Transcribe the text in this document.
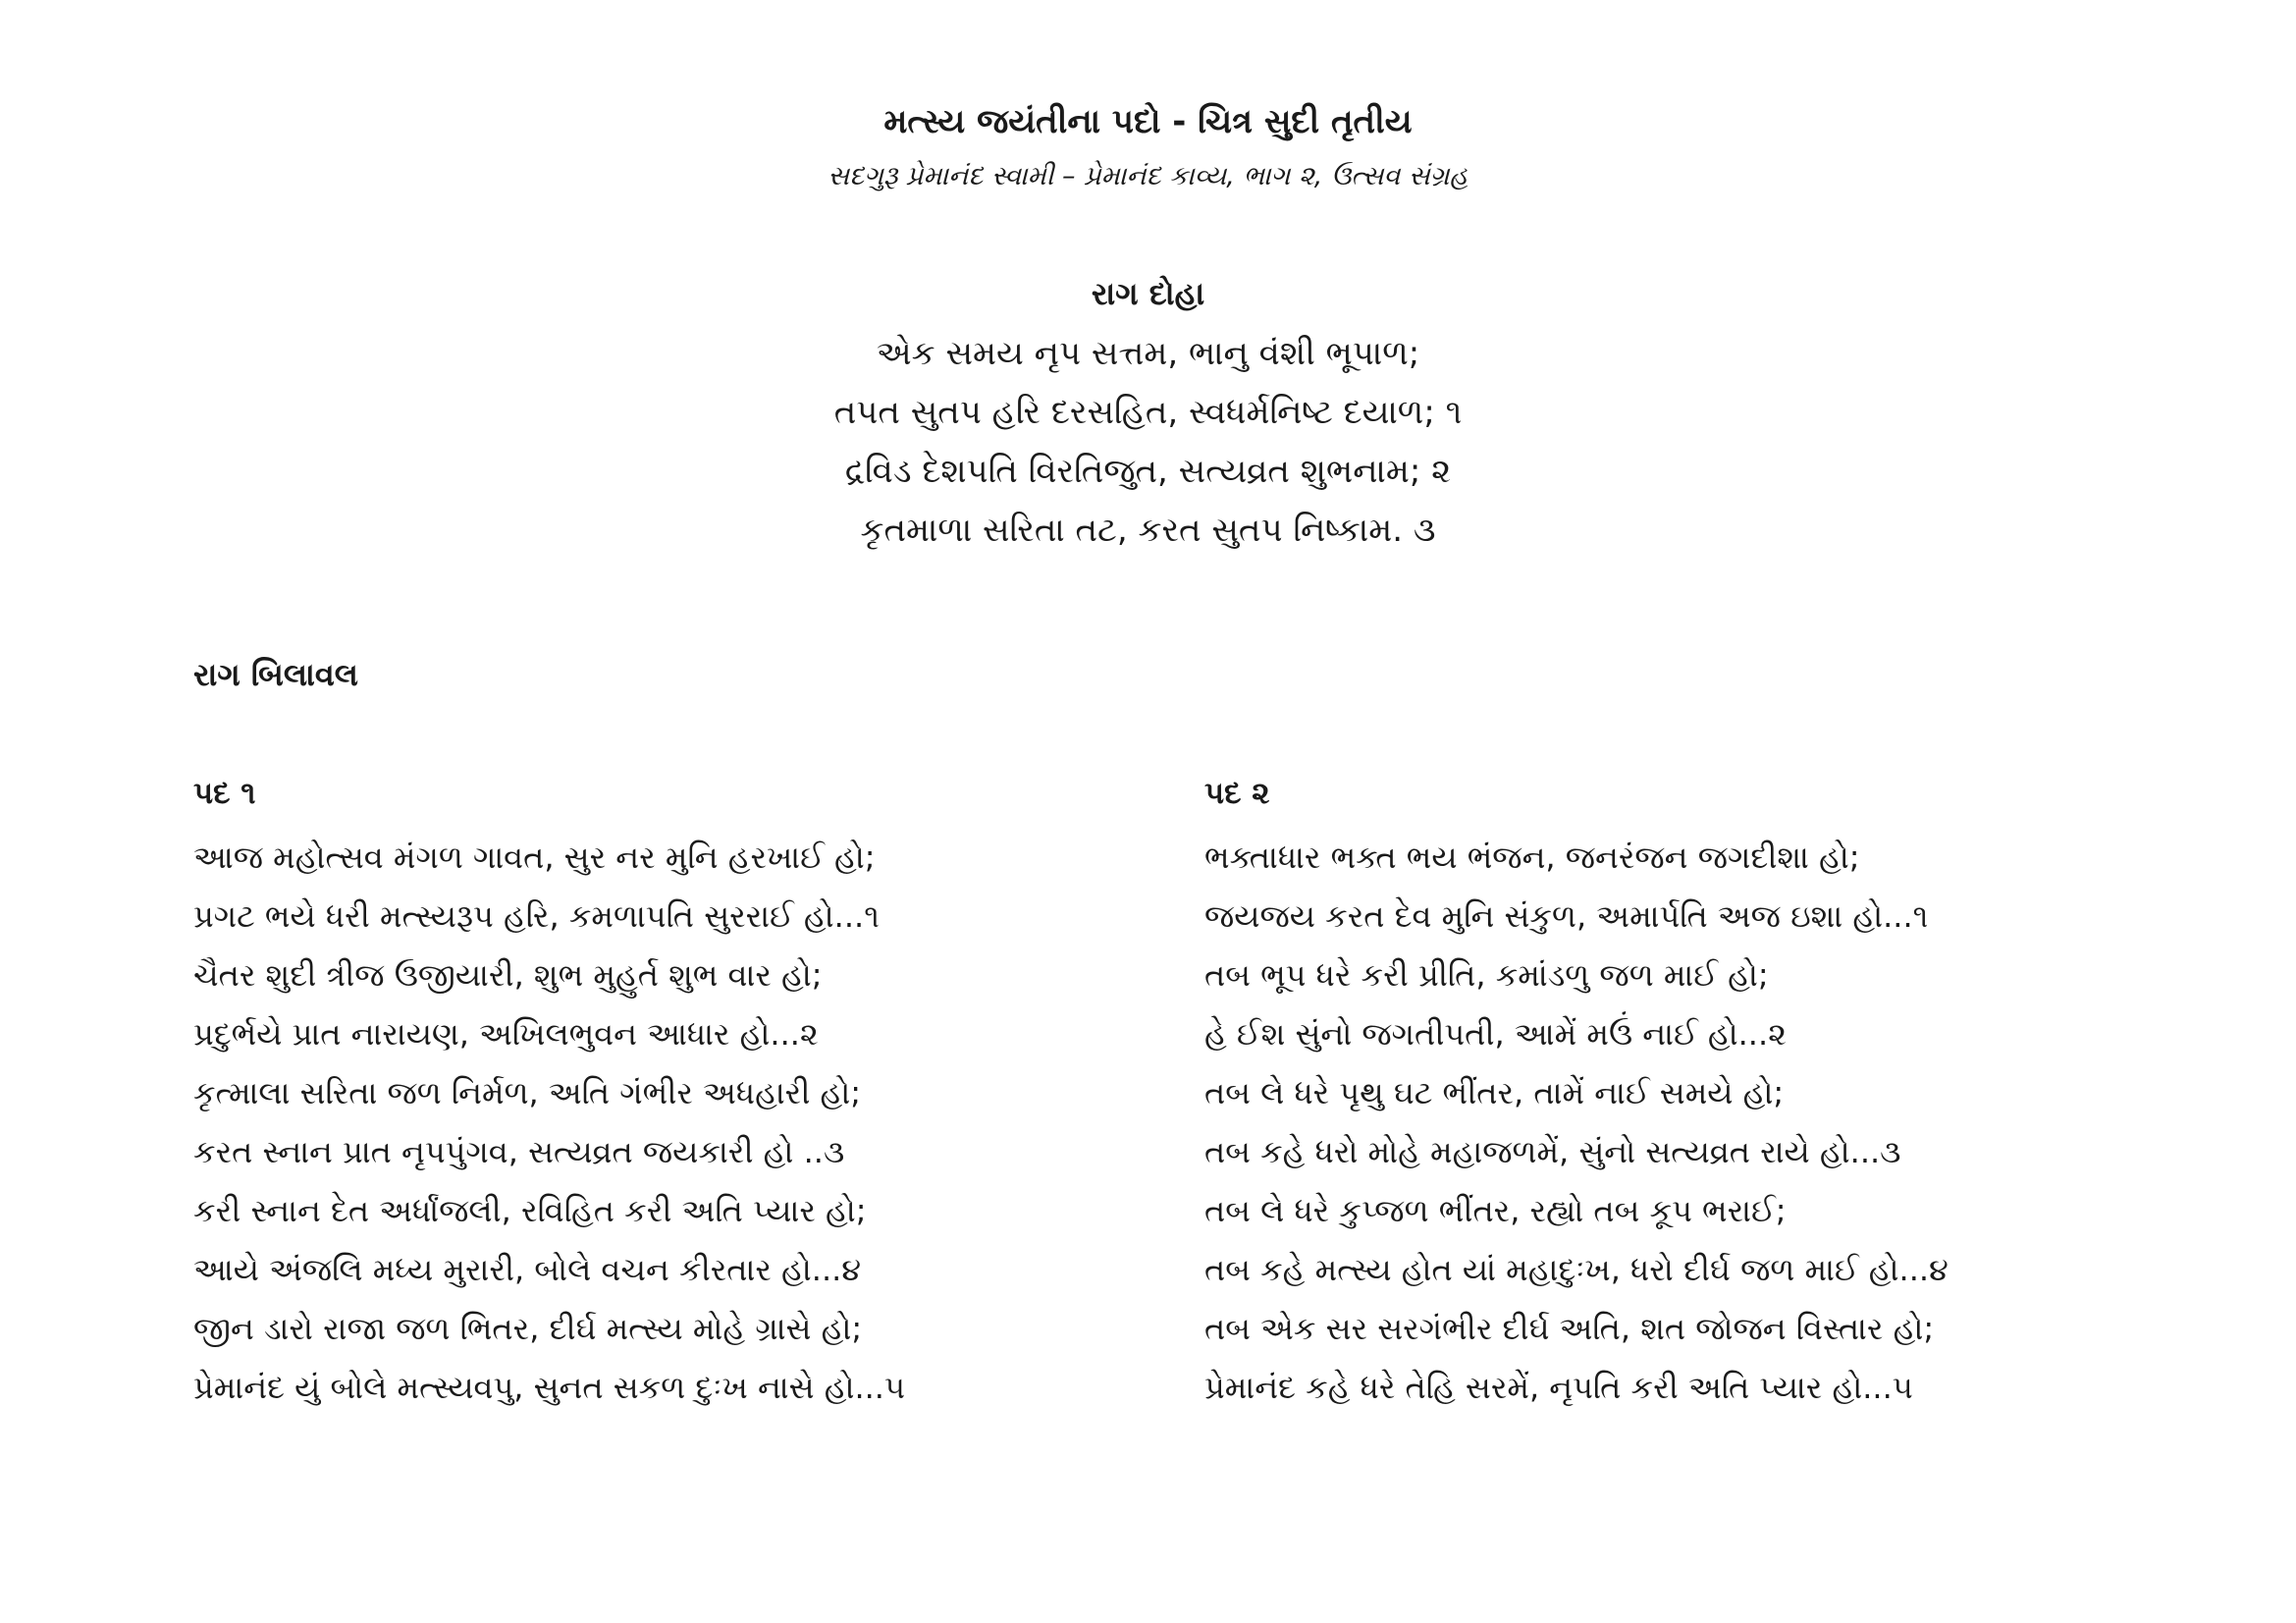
મત્સ્ય જયંતીના પદો - ચિત્ર સુદી તૃતીય
સદગુરૂ પ્રેમાનંદ સ્વામી – પ્રેમાનંદ કાવ્ય, ભાગ ૨, ઉત્સવ સંગ્રહ
રાગ દોહા
એક સમય નૃપ સત્તમ, ભાનુ વંશી ભૂપાળ;
તપત સુતપ હરિ દરસહિત, સ્વધર્મનિષ્ટ દયાળ; ૧
દ્રવિડ દેશપતિ વિરતિજુત, સત્યવ્રત શુભનામ; ૨
કૃતમાળા સરિતા તટ, કરત સુતપ નિષ્કામ. ૩
રાગ બિલાવલ
પદ ૧
આજ મહોત્સવ મંગળ ગાવત, સુર નર મુનિ હરખાઈ હો;
પ્રગટ ભયે ધરી મત્સ્યરૂપ હરિ, કમળાપતિ સુરરાઈ હો...૧
ચૈતર શુદી ત્રીજ ઉજીયારી, શુભ મુહુર્ત શુભ વાર હો;
પ્રદુર્ભયે પ્રાત નારાયણ, અખિલભુવન આધાર હો...૨
કૃત્માલા સરિતા જળ નિર્મળ, અતિ ગંભીર અધહારી હો;
કરત સ્નાન પ્રાત નૃપપુંગવ, સત્યવ્રત જયકારી હો ..૩
કરી સ્નાન દેત અર્ધાંજલી, રવિહિત કરી અતિ પ્યાર હો;
આયે અંજલિ મધ્ય મુરારી, બોલે વચન કીરતાર હો...૪
જીન ડારો રાજા જળ ભિતર, દીર્ઘ મત્સ્ય મોહે ગ્રાસે હો;
પ્રેમાનંદ યું બોલે મત્સ્યવપુ, સુનત સકળ દુઃખ નાસે હો...૫
પદ ૨
ભક્તાધાર ભક્ત ભય ભંજન, જનરંજન જગદીશા હો;
જયજય કરત દેવ મુનિ સંકુળ, અમાર્પતિ અજ ઇશા હો...૧
તબ ભૂપ ધરે કરી પ્રીતિ, કમાંડળુ જળ માઈ હો;
હે ઈશ સુંનો જગતીપતી, આમેં મઉં નાઈ હો...૨
તબ લે ધરે પૃથુ ઘટ ભીંતર, તામેં નાઈ સમયે હો;
તબ કહે ધરો મોહે મહાજળમેં, સુંનો સત્યવ્રત રાયે હો...૩
તબ લે ધરે કુપ્જળ ભીંતર, રહ્યો તબ કૂપ ભરાઈ;
તબ કહે મત્સ્ય હોત યાં મહાદુઃખ, ધરો દીર્ઘ જળ માઈ હો...૪
તબ એક સર સરગંભીર દીર્ઘ અતિ, શત જોજન વિસ્તાર હો;
પ્રેમાનંદ કહે ધરે તેહિ સરમેં, નૃપતિ કરી અતિ પ્યાર હો...૫
